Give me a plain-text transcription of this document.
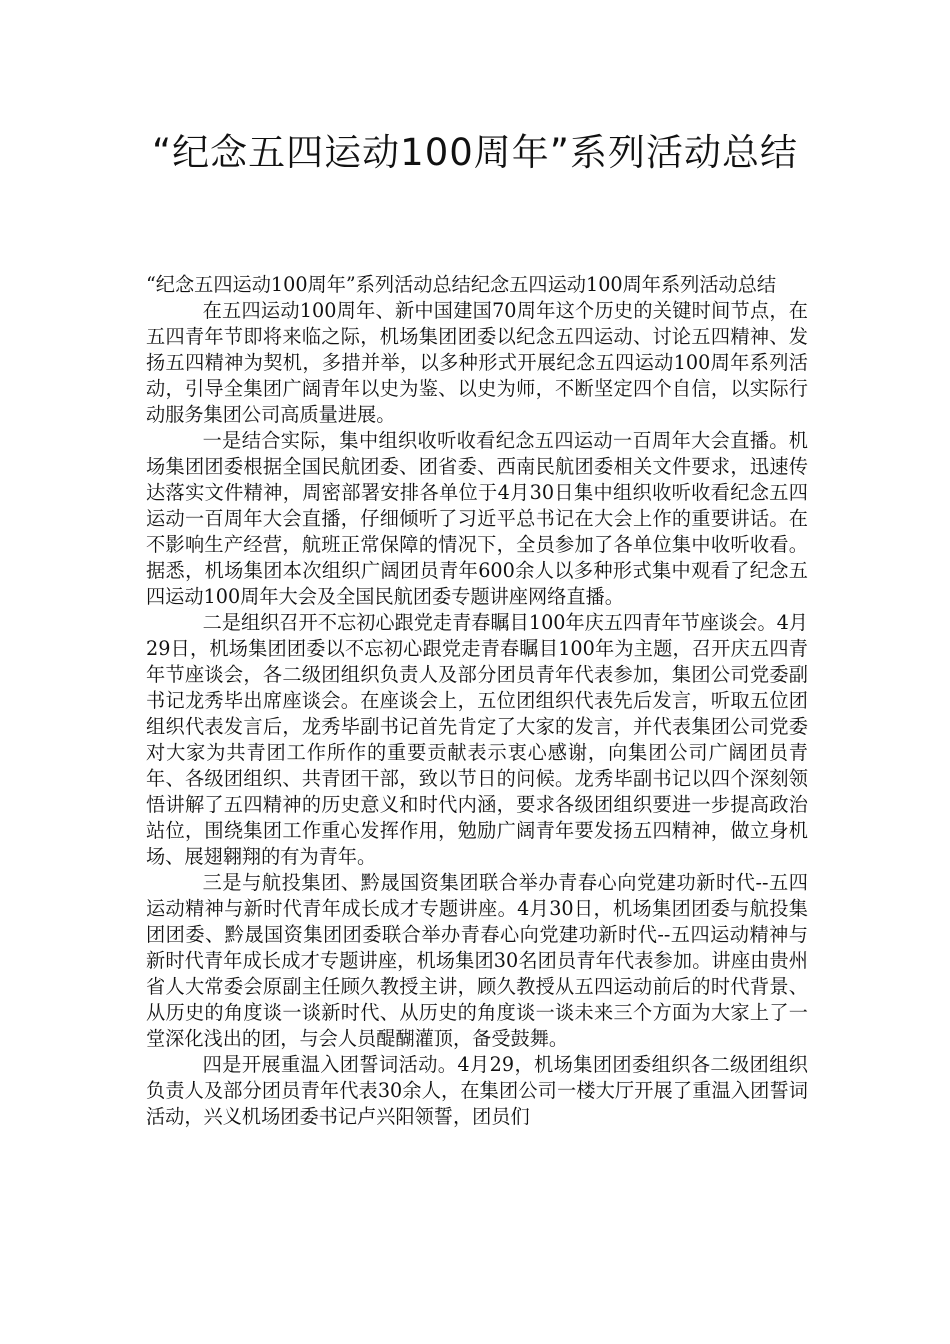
“纪念五四运动100周年”系列活动总结

“纪念五四运动100周年”系列活动总结纪念五四运动100周年系列活动总结

在五四运动100周年、新中国建国70周年这个历史的关键时间节点，在五四青年节即将来临之际，机场集团团委以纪念五四运动、讨论五四精神、发扬五四精神为契机，多措并举，以多种形式开展纪念五四运动100周年系列活动，引导全集团广阔青年以史为鉴、以史为师，不断坚定四个自信，以实际行动服务集团公司高质量进展。

一是结合实际，集中组织收听收看纪念五四运动一百周年大会直播。机场集团团委根据全国民航团委、团省委、西南民航团委相关文件要求，迅速传达落实文件精神，周密部署安排各单位于4月30日集中组织收听收看纪念五四运动一百周年大会直播，仔细倾听了习近平总书记在大会上作的重要讲话。在不影响生产经营，航班正常保障的情况下，全员参加了各单位集中收听收看。据悉，机场集团本次组织广阔团员青年600余人以多种形式集中观看了纪念五四运动100周年大会及全国民航团委专题讲座网络直播。

二是组织召开不忘初心跟党走青春瞩目100年庆五四青年节座谈会。4月29日，机场集团团委以不忘初心跟党走青春瞩目100年为主题，召开庆五四青年节座谈会，各二级团组织负责人及部分团员青年代表参加，集团公司党委副书记龙秀毕出席座谈会。在座谈会上，五位团组织代表先后发言，听取五位团组织代表发言后，龙秀毕副书记首先肯定了大家的发言，并代表集团公司党委对大家为共青团工作所作的重要贡献表示衷心感谢，向集团公司广阔团员青年、各级团组织、共青团干部，致以节日的问候。龙秀毕副书记以四个深刻领悟讲解了五四精神的历史意义和时代内涵，要求各级团组织要进一步提高政治站位，围绕集团工作重心发挥作用，勉励广阔青年要发扬五四精神，做立身机场、展翅翱翔的有为青年。

三是与航投集团、黔晟国资集团联合举办青春心向党建功新时代--五四运动精神与新时代青年成长成才专题讲座。4月30日，机场集团团委与航投集团团委、黔晟国资集团团委联合举办青春心向党建功新时代--五四运动精神与新时代青年成长成才专题讲座，机场集团30名团员青年代表参加。讲座由贵州省人大常委会原副主任顾久教授主讲，顾久教授从五四运动前后的时代背景、从历史的角度谈一谈新时代、从历史的角度谈一谈未来三个方面为大家上了一堂深化浅出的团，与会人员醍醐灌顶，备受鼓舞。

四是开展重温入团誓词活动。4月29，机场集团团委组织各二级团组织负责人及部分团员青年代表30余人，在集团公司一楼大厅开展了重温入团誓词活动，兴义机场团委书记卢兴阳领誓，团员们
